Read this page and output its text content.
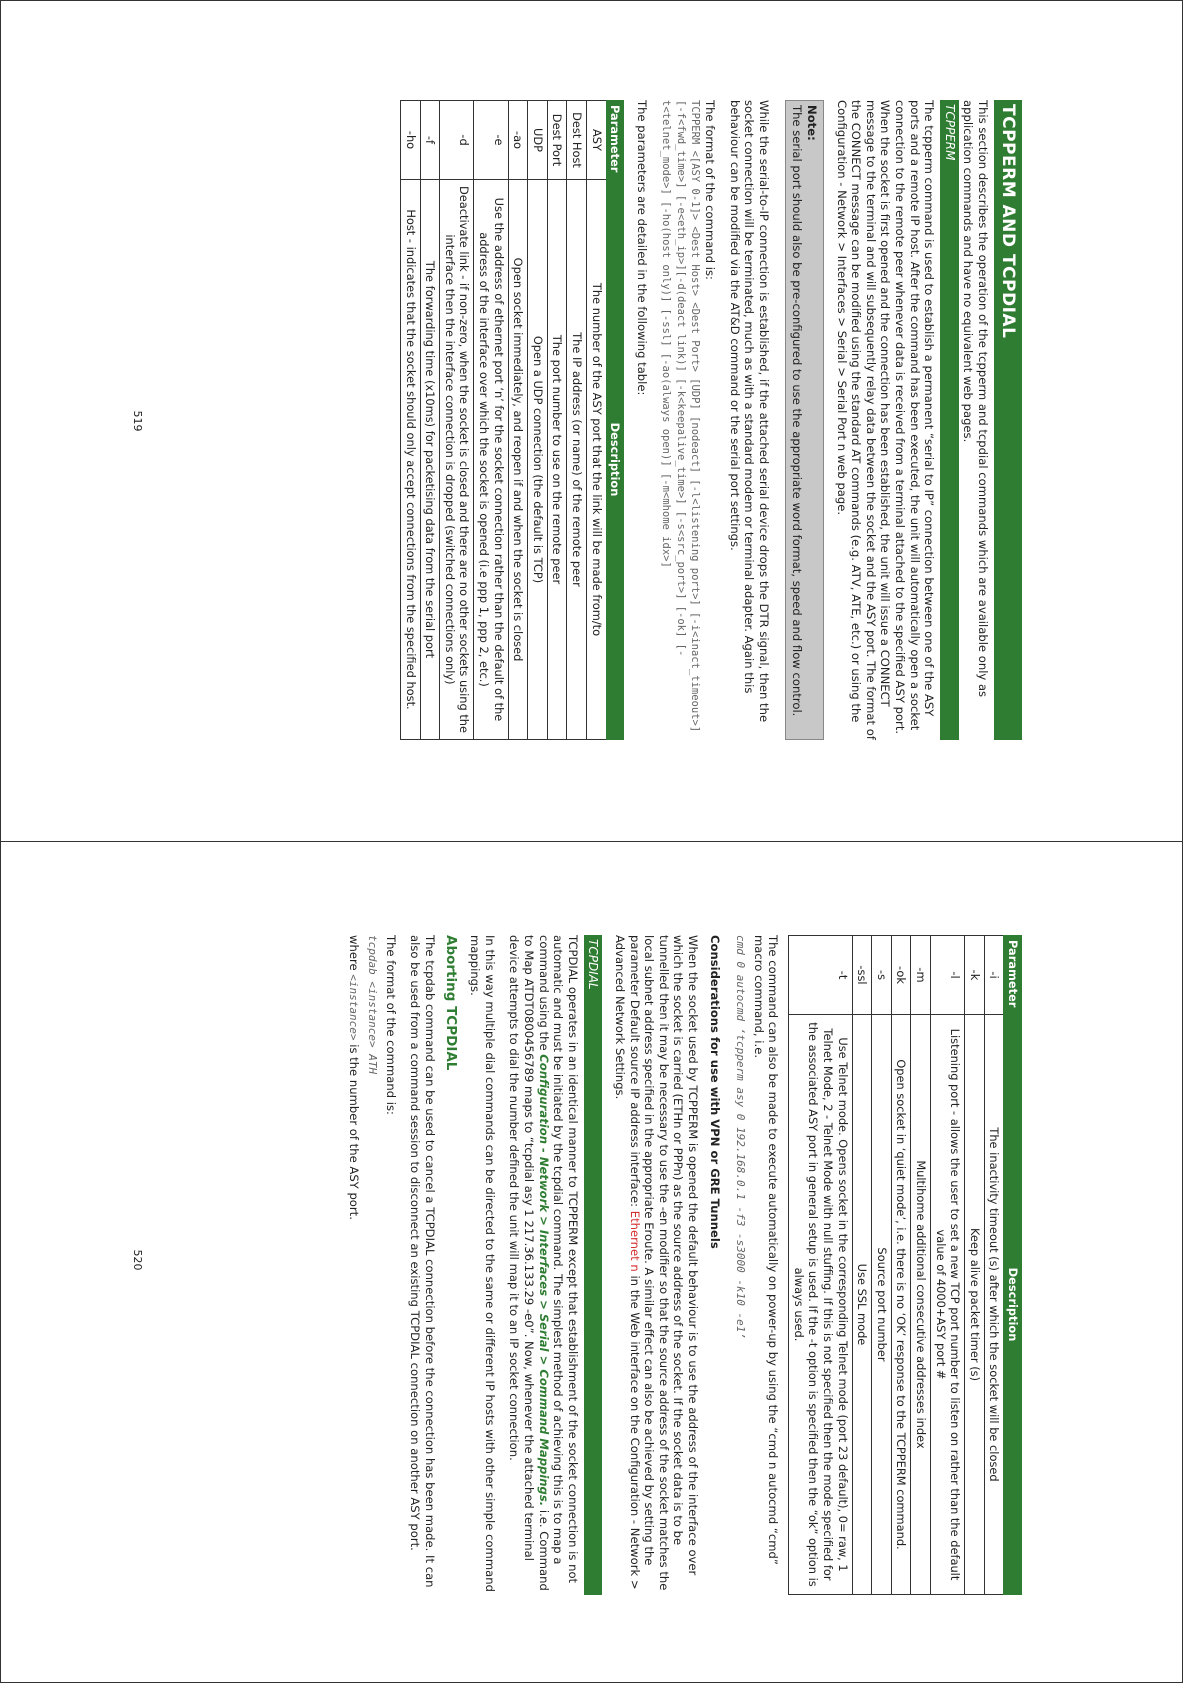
TCPPERM AND TCPDIAL

This section describes the operation of the tcpperm and tcpdial commands which are available only as application commands and have no equivalent web pages.

TCPPERM

The tcpperm command is used to establish a permanent “serial to IP” connection between one of the ASY ports and a remote IP host. After the command has been executed, the unit will automatically open a socket connection to the remote peer whenever data is received from a terminal attached to the specified ASY port. When the socket is first opened and the connection has been established, the unit will issue a CONNECT message to the terminal and will subsequently relay data between the socket and the ASY port. The format of the CONNECT message can be modified using the standard AT commands (e.g. ATV, ATE, etc.) or using the Configuration - Network > Interfaces > Serial > Serial Port n web page.

Note:
The serial port should also be pre-configured to use the appropriate word format, speed and flow control.

While the serial-to-IP connection is established, if the attached serial device drops the DTR signal, then the socket connection will be terminated, much as with a standard modem or terminal adapter. Again this behaviour can be modified via the AT&D command or the serial port settings.

The format of the command is:
TCPPERM <[ASY 0-1]> <Dest Host> <Dest Port> [UDP] [nodeact] [-l<listening port>] [-i<inact_timeout>] [-f<fwd_time>] [-e<eth_ip>][-d(deact link)] [-k<keepalive_time>] [-s<src_port>] [-ok] [-t<telnet_mode>] [-ho(host only)] [-ssl] [-ao(always open)] [-m<mhome idx>]

The parameters are detailed in the following table:

Parameter	Description
ASY	The number of the ASY port that the link will be made from/to
Dest Host	The IP address (or name) of the remote peer
Dest Port	The port number to use on the remote peer
UDP	Open a UDP connection (the default is TCP)
-ao	Open socket immediately, and reopen if and when the socket is closed
-e	Use the address of ethernet port ‘n’ for the socket connection rather than the default of the address of the interface over which the socket is opened (i.e ppp 1, ppp 2, etc.)
-d	Deactivate link - if non-zero, when the socket is closed and there are no other sockets using the interface then the interface connection is dropped (switched connections only)
-f	The forwarding time (x10ms) for packetising data from the serial port
-ho	Host - indicates that the socket should only accept connections from the specified host.
519
Parameter	Description
-i	The inactivity timeout (s) after which the socket will be closed
-k	Keep alive packet timer (s)
-l	Listening port - allows the user to set a new TCP port number to listen on rather than the default value of 4000+ASY port #
-m	Multihome additional consecutive addresses index
-ok	Open socket in ‘quiet mode’, i.e. there is no ‘OK’ response to the TCPPERM command.
-s	Source port number
-ssl	Use SSL mode
-t	Use Telnet mode. Opens socket in the corresponding Telnet mode (port 23 default), 0= raw, 1 Telnet Mode, 2 - Telnet Mode with null stuffing. If this is not specified then the mode specified for the associated ASY port in general setup is used. If the -t option is specified then the “ok” option is always used.

The command can also be made to execute automatically on power-up by using the “cmd n autocmd “cmd” macro command, i.e.

cmd 0 autocmd ‘tcpperm asy 0 192.168.0.1 -f3 -s3000 -k10 -e1’

Considerations for use with VPN or GRE Tunnels

When the socket used by TCPPERM is opened the default behaviour is to use the address of the interface over which the socket is carried (ETHn or PPPn) as the source address of the socket. If the socket data is to be tunnelled then it may be necessary to use the -en modifier so that the source address of the socket matches the local subnet address specified in the appropriate Eroute. A similar effect can also be achieved by setting the parameter Default source IP address interface: Ethernet n in the Web interface on the Configuration - Network > Advanced Network Settings.

TCPDIAL

TCPDIAL operates in an identical manner to TCPPERM except that establishment of the socket connection is not automatic and must be initiated by the tcpdial command. The simplest method of achieving this is to map a command using the Configuration - Network > Interfaces > Serial > Command Mappings. i.e. Command to Map ATDT0800456789 maps to “tcpdial asy 1 217.36.133.29 -e0”. Now, whenever the attached terminal device attempts to dial the number defined the unit will map it to an IP socket connection.

In this way multiple dial commands can be directed to the same or different IP hosts with other simple command mappings.

Aborting TCPDIAL

The tcpdab command can be used to cancel a TCPDIAL connection before the connection has been made. It can also be used from a command session to disconnect an existing TCPDIAL connection on another ASY port.

The format of the command is:

tcpdab <instance> ATH

where <instance> is the number of the ASY port.

520
